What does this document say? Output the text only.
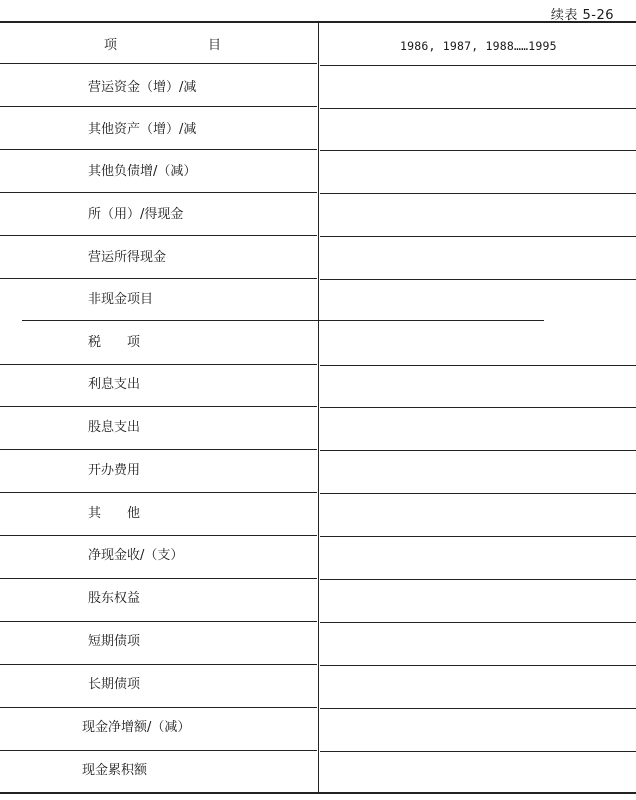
续表 5-26
项	目	1986, 1987, 1988……1995
营运资金（增）/减
其他资产（增）/减
其他负债增/（减）
所（用）/得现金
营运所得现金
非现金项目
税　　项
利息支出
股息支出
开办费用
其　　他
净现金收/（支）
股东权益
短期债项
长期债项
现金净增额/（减）
现金累积额
